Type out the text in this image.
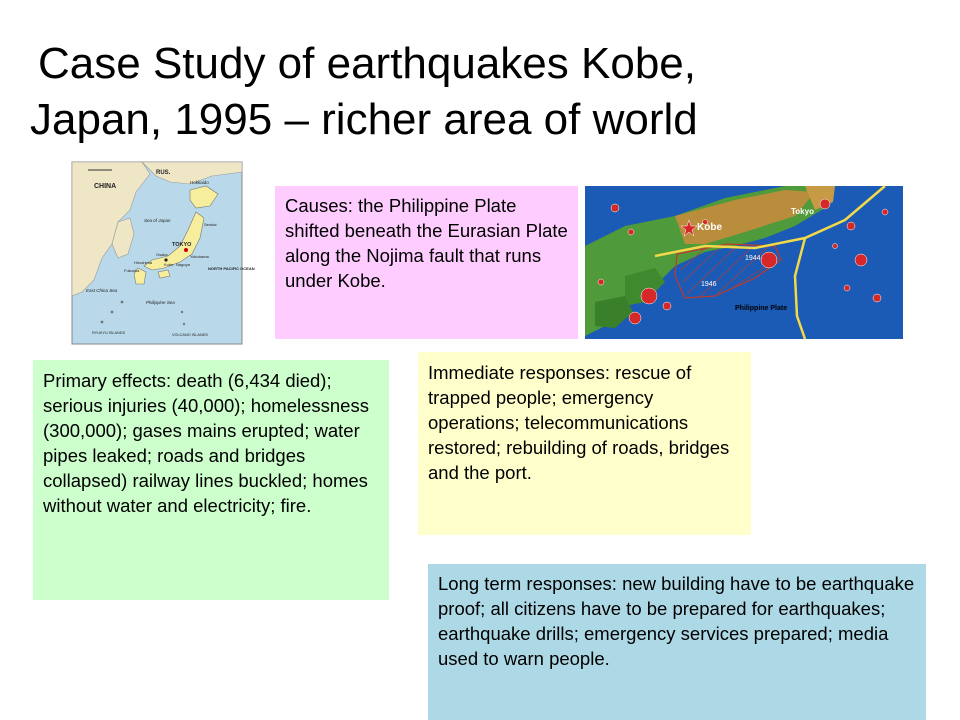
Case Study of earthquakes Kobe,
Japan, 1995 – richer area of world
CHINA
RUS.
Hokkaido
TOKYO
Sea of Japan
Osaka
Kobe
Hiroshima
Fukuoka
Sendai
Yokohama
Nagoya
East China Sea
Philippine Sea
NORTH PACIFIC OCEAN
RYUKYU ISLANDS	VOLCANO ISLANDS
Kobe
Tokyo
1944
1946
Philippine Plate
Causes: the Philippine Plate shifted beneath the Eurasian Plate along the Nojima fault that runs under Kobe.
Primary effects: death (6,434 died); serious injuries (40,000); homelessness (300,000); gases mains erupted; water pipes leaked; roads and bridges collapsed) railway lines buckled; homes without water and electricity; fire.
Immediate responses: rescue of trapped people; emergency operations; telecommunications restored; rebuilding of roads, bridges and the port.
Long term responses: new building have to be earthquake proof; all citizens have to be prepared for earthquakes; earthquake drills; emergency services prepared; media used to warn people.
